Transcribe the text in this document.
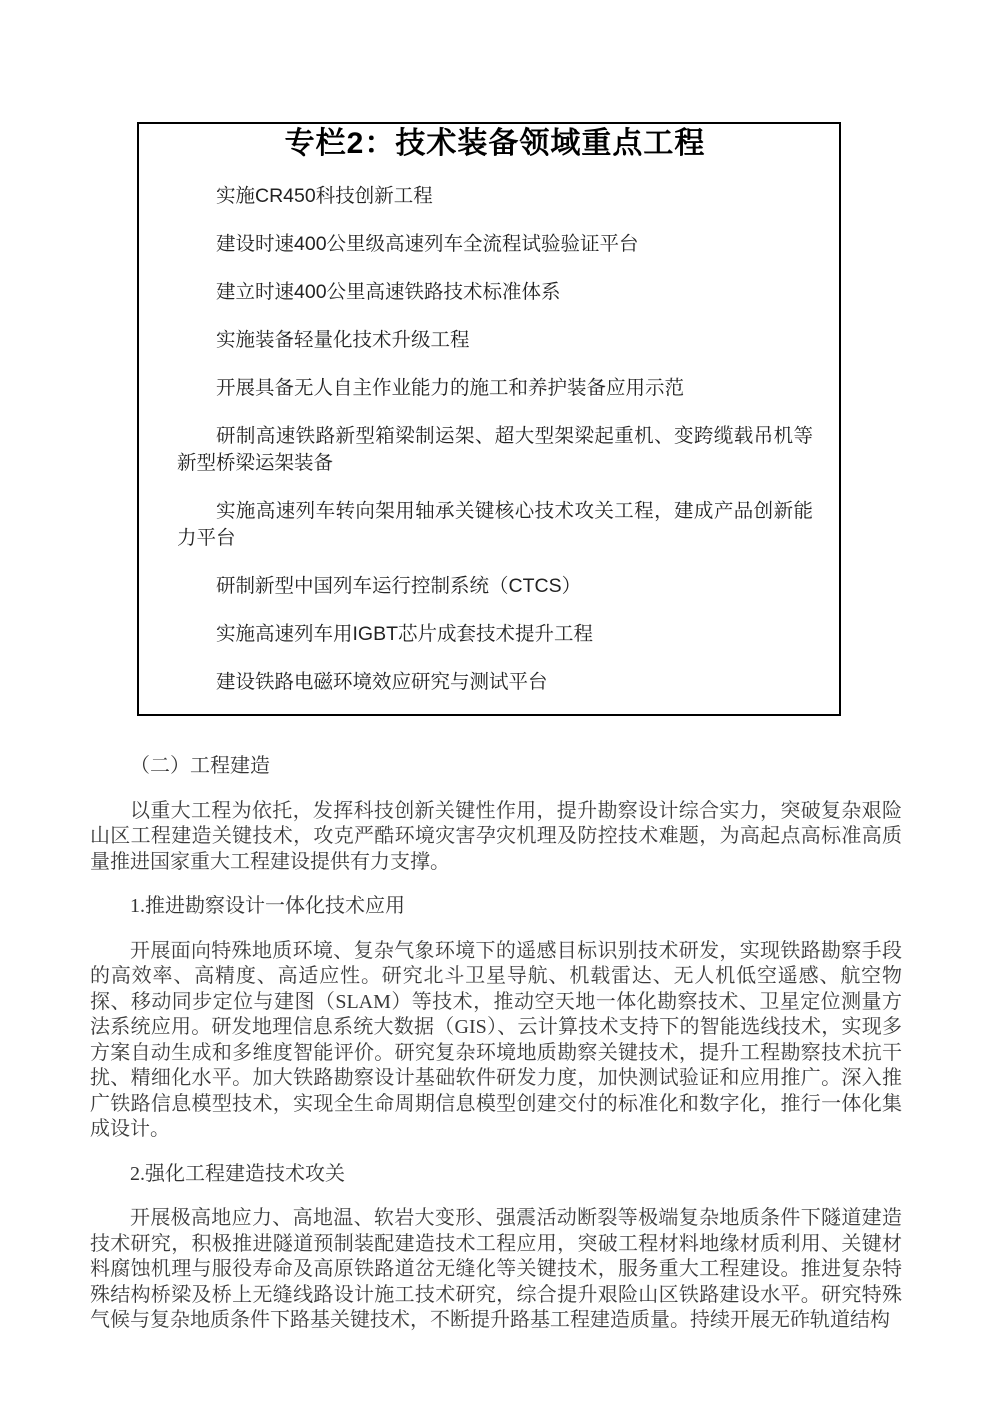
专栏2：技术装备领域重点工程
实施CR450科技创新工程
建设时速400公里级高速列车全流程试验验证平台
建立时速400公里高速铁路技术标准体系
实施装备轻量化技术升级工程
开展具备无人自主作业能力的施工和养护装备应用示范
研制高速铁路新型箱梁制运架、超大型架梁起重机、变跨缆载吊机等新型桥梁运架装备
实施高速列车转向架用轴承关键核心技术攻关工程，建成产品创新能力平台
研制新型中国列车运行控制系统（CTCS）
实施高速列车用IGBT芯片成套技术提升工程
建设铁路电磁环境效应研究与测试平台

（二）工程建造

以重大工程为依托，发挥科技创新关键性作用，提升勘察设计综合实力，突破复杂艰险山区工程建造关键技术，攻克严酷环境灾害孕灾机理及防控技术难题，为高起点高标准高质量推进国家重大工程建设提供有力支撑。

1.推进勘察设计一体化技术应用

开展面向特殊地质环境、复杂气象环境下的遥感目标识别技术研发，实现铁路勘察手段的高效率、高精度、高适应性。研究北斗卫星导航、机载雷达、无人机低空遥感、航空物探、移动同步定位与建图（SLAM）等技术，推动空天地一体化勘察技术、卫星定位测量方法系统应用。研发地理信息系统大数据（GIS）、云计算技术支持下的智能选线技术，实现多方案自动生成和多维度智能评价。研究复杂环境地质勘察关键技术，提升工程勘察技术抗干扰、精细化水平。加大铁路勘察设计基础软件研发力度，加快测试验证和应用推广。深入推广铁路信息模型技术，实现全生命周期信息模型创建交付的标准化和数字化，推行一体化集成设计。

2.强化工程建造技术攻关

开展极高地应力、高地温、软岩大变形、强震活动断裂等极端复杂地质条件下隧道建造技术研究，积极推进隧道预制装配建造技术工程应用，突破工程材料地缘材质利用、关键材料腐蚀机理与服役寿命及高原铁路道岔无缝化等关键技术，服务重大工程建设。推进复杂特殊结构桥梁及桥上无缝线路设计施工技术研究，综合提升艰险山区铁路建设水平。研究特殊气候与复杂地质条件下路基关键技术，不断提升路基工程建造质量。持续开展无砟轨道结构
